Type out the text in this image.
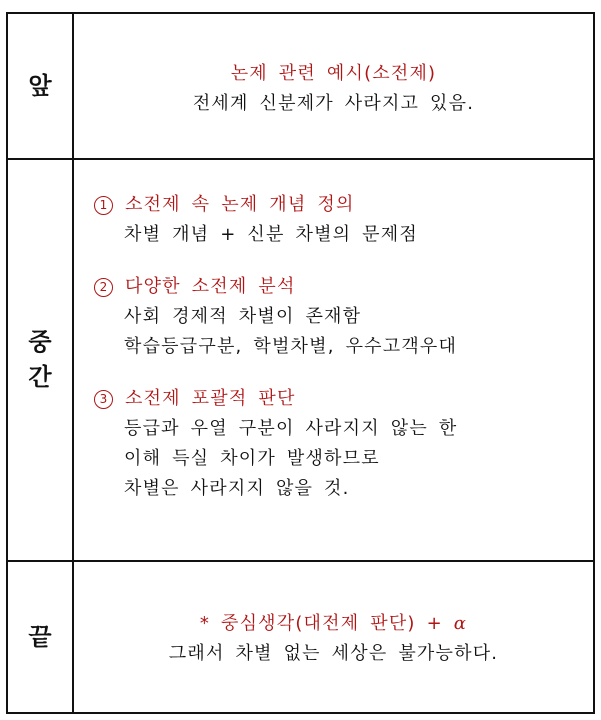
앞	논제 관련 예시(소전제)
전세계 신분제가 사라지고 있음.
중
간
1 소전제 속 논제 개념 정의
차별 개념 + 신분 차별의 문제점
2 다양한 소전제 분석
사회 경제적 차별이 존재함
학습등급구분, 학벌차별, 우수고객우대
3 소전제 포괄적 판단
등급과 우열 구분이 사라지지 않는 한
이해 득실 차이가 발생하므로
차별은 사라지지 않을 것.
끝	* 중심생각(대전제 판단) + α
그래서 차별 없는 세상은 불가능하다.
